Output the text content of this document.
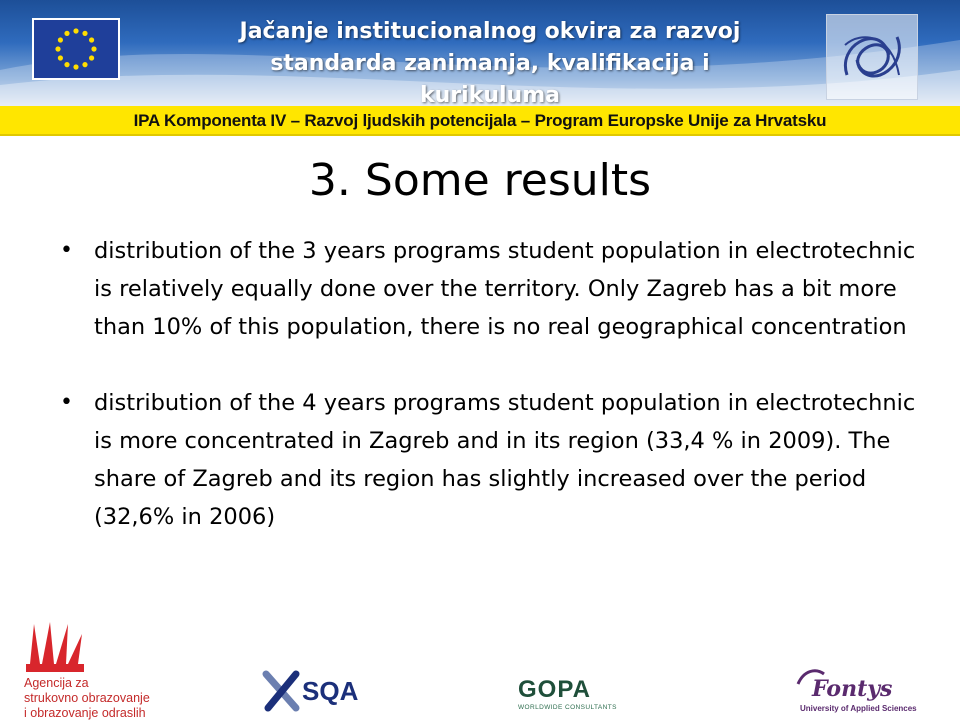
Jačanje institucionalnog okvira za razvoj
standarda zanimanja, kvalifikacija i kurikuluma
IPA Komponenta IV – Razvoj ljudskih potencijala – Program Europske Unije za Hrvatsku
3. Some results
• distribution of the 3 years programs student population in electrotechnic is relatively equally done over the territory. Only Zagreb has a bit more than 10% of this population, there is no real geographical concentration
• distribution of the 4 years programs student population in electrotechnic is more concentrated in Zagreb and in its region (33,4 % in 2009). The share of Zagreb and its region has slightly increased over the period (32,6% in 2006)
Agencija za
strukovno obrazovanje
i obrazovanje odraslih
SQA	GOPA
WORLDWIDE CONSULTANTS
Fontys
University of Applied Sciences
